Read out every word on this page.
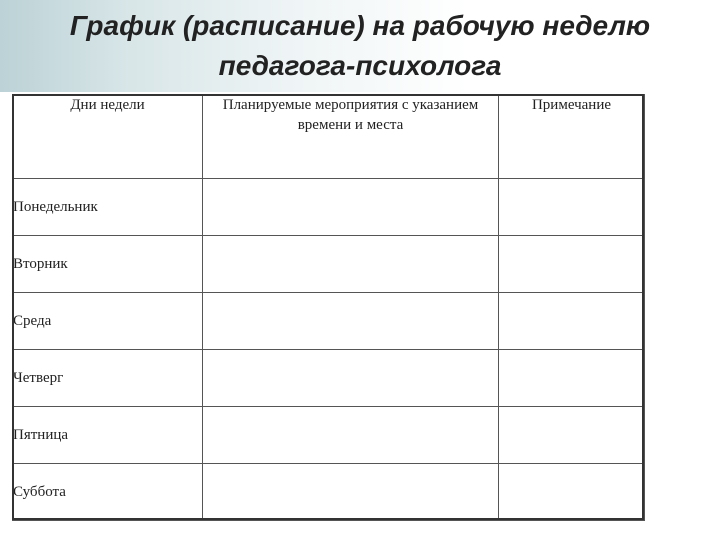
График (расписание) на рабочую неделю
педагога-психолога
Дни недели	Планируемые мероприятия с указанием времени и места	Примечание
Понедельник		
Вторник		
Среда		
Четверг		
Пятница		
Суббота		
